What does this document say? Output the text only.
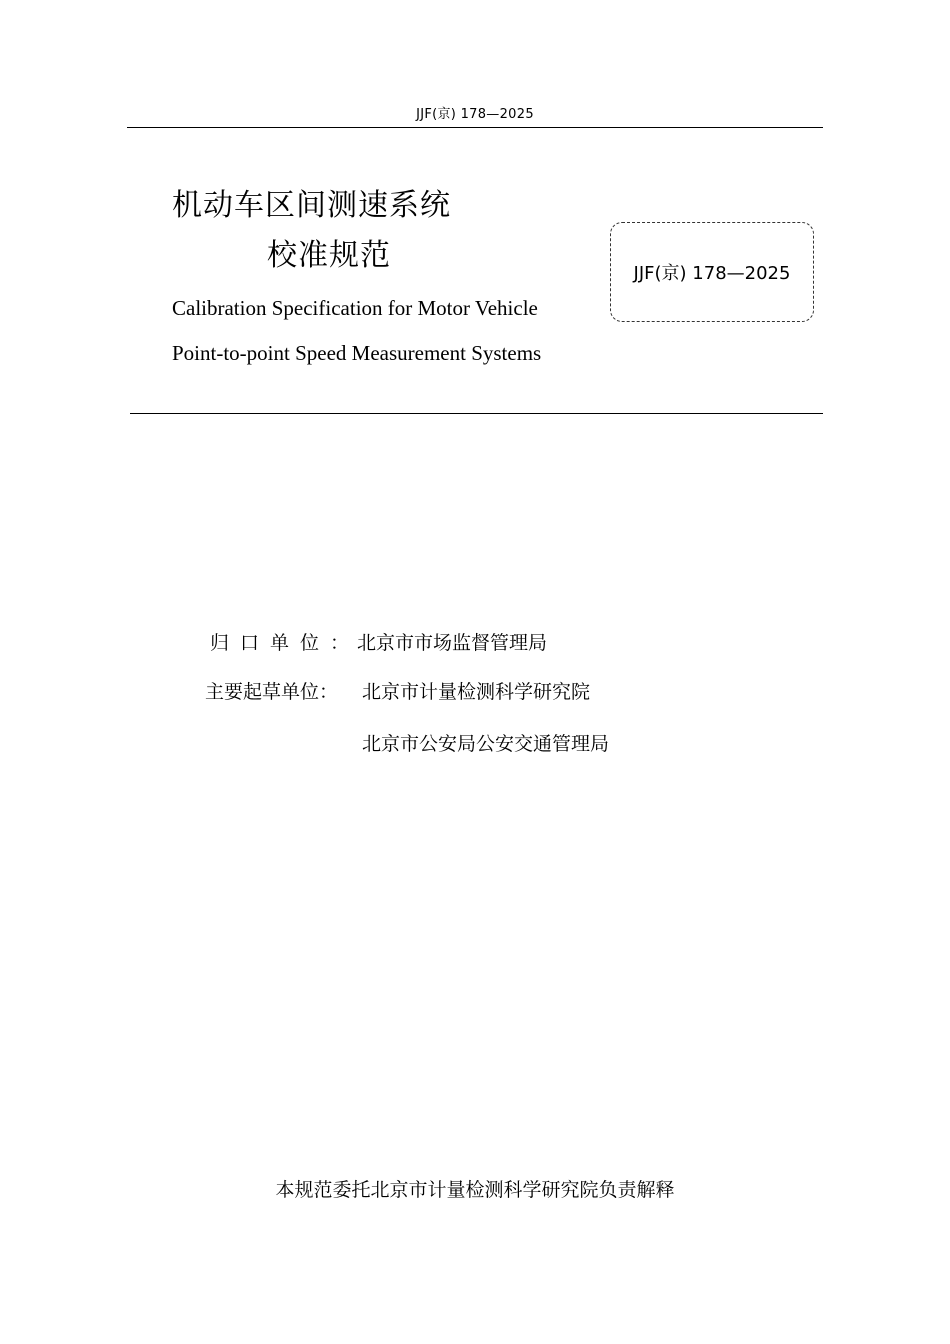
JJF(京) 178—2025
机动车区间测速系统
校准规范
Calibration Specification for Motor Vehicle
Point-to-point Speed Measurement Systems
JJF(京) 178—2025
归口单位：
北京市市场监督管理局
主要起草单位： 北京市计量检测科学研究院
北京市公安局公安交通管理局
本规范委托北京市计量检测科学研究院负责解释
